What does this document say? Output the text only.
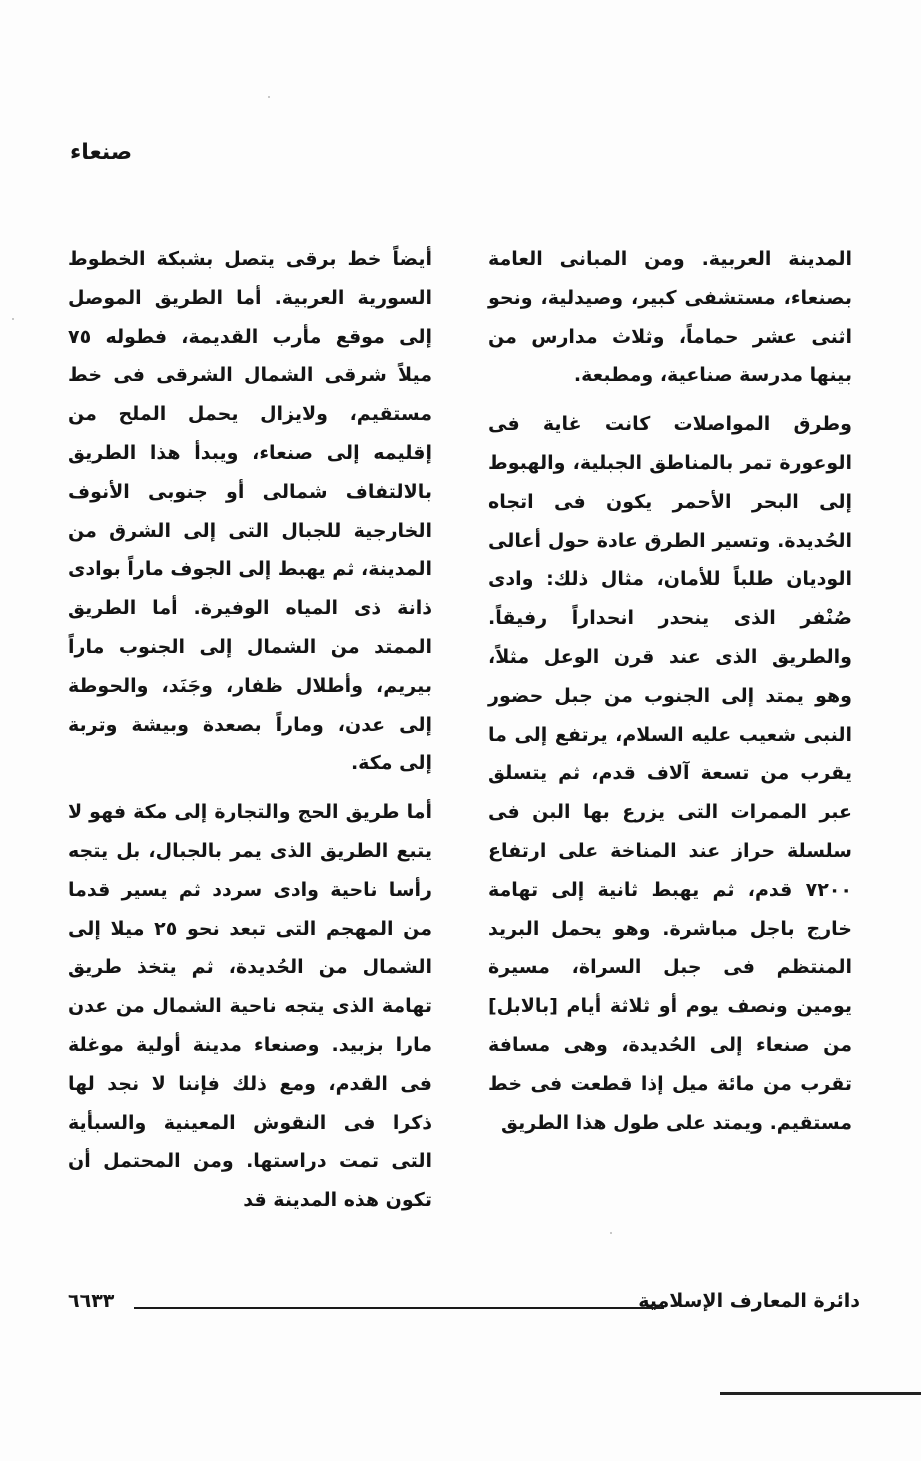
صنعاء

المدينة العربية. ومن المبانى العامة بصنعاء، مستشفى كبير، وصيدلية، ونحو اثنى عشر حماماً، وثلاث مدارس من بينها مدرسة صناعية، ومطبعة.

وطرق المواصلات كانت غاية فى الوعورة تمر بالمناطق الجبلية، والهبوط إلى البحر الأحمر يكون فى اتجاه الحُديدة. وتسير الطرق عادة حول أعالى الوديان طلباً للأمان، مثال ذلك: وادى صُنْفر الذى ينحدر انحداراً رفيقاً. والطريق الذى عند قرن الوعل مثلاً، وهو يمتد إلى الجنوب من جبل حضور النبى شعيب عليه السلام، يرتفع إلى ما يقرب من تسعة آلاف قدم، ثم يتسلق عبر الممرات التى يزرع بها البن فى سلسلة حراز عند المناخة على ارتفاع ٧٢٠٠ قدم، ثم يهبط ثانية إلى تهامة خارج باجل مباشرة. وهو يحمل البريد المنتظم فى جبل السراة، مسيرة يومين ونصف يوم أو ثلاثة أيام [بالابل] من صنعاء إلى الحُديدة، وهى مسافة تقرب من مائة ميل إذا قطعت فى خط مستقيم. ويمتد على طول هذا الطريق

أيضاً خط برقى يتصل بشبكة الخطوط السورية العربية. أما الطريق الموصل إلى موقع مأرب القديمة، فطوله ٧٥ ميلاً شرقى الشمال الشرقى فى خط مستقيم، ولايزال يحمل الملح من إقليمه إلى صنعاء، ويبدأ هذا الطريق بالالتفاف شمالى أو جنوبى الأنوف الخارجية للجبال التى إلى الشرق من المدينة، ثم يهبط إلى الجوف ماراً بوادى ذانة ذى المياه الوفيرة. أما الطريق الممتد من الشمال إلى الجنوب ماراً بيريم، وأطلال ظفار، وجَنَد، والحوطة إلى عدن، وماراً بصعدة وبيشة وتربة إلى مكة.

أما طريق الحج والتجارة إلى مكة فهو لا يتبع الطريق الذى يمر بالجبال، بل يتجه رأسا ناحية وادى سردد ثم يسير قدما من المهجم التى تبعد نحو ٢٥ ميلا إلى الشمال من الحُديدة، ثم يتخذ طريق تهامة الذى يتجه ناحية الشمال من عدن مارا بزبيد. وصنعاء مدينة أولية موغلة فى القدم، ومع ذلك فإننا لا نجد لها ذكرا فى النقوش المعينية والسبأية التى تمت دراستها. ومن المحتمل أن تكون هذه المدينة قد

دائرة المعارف الإسلامية
٦٦٣٣
